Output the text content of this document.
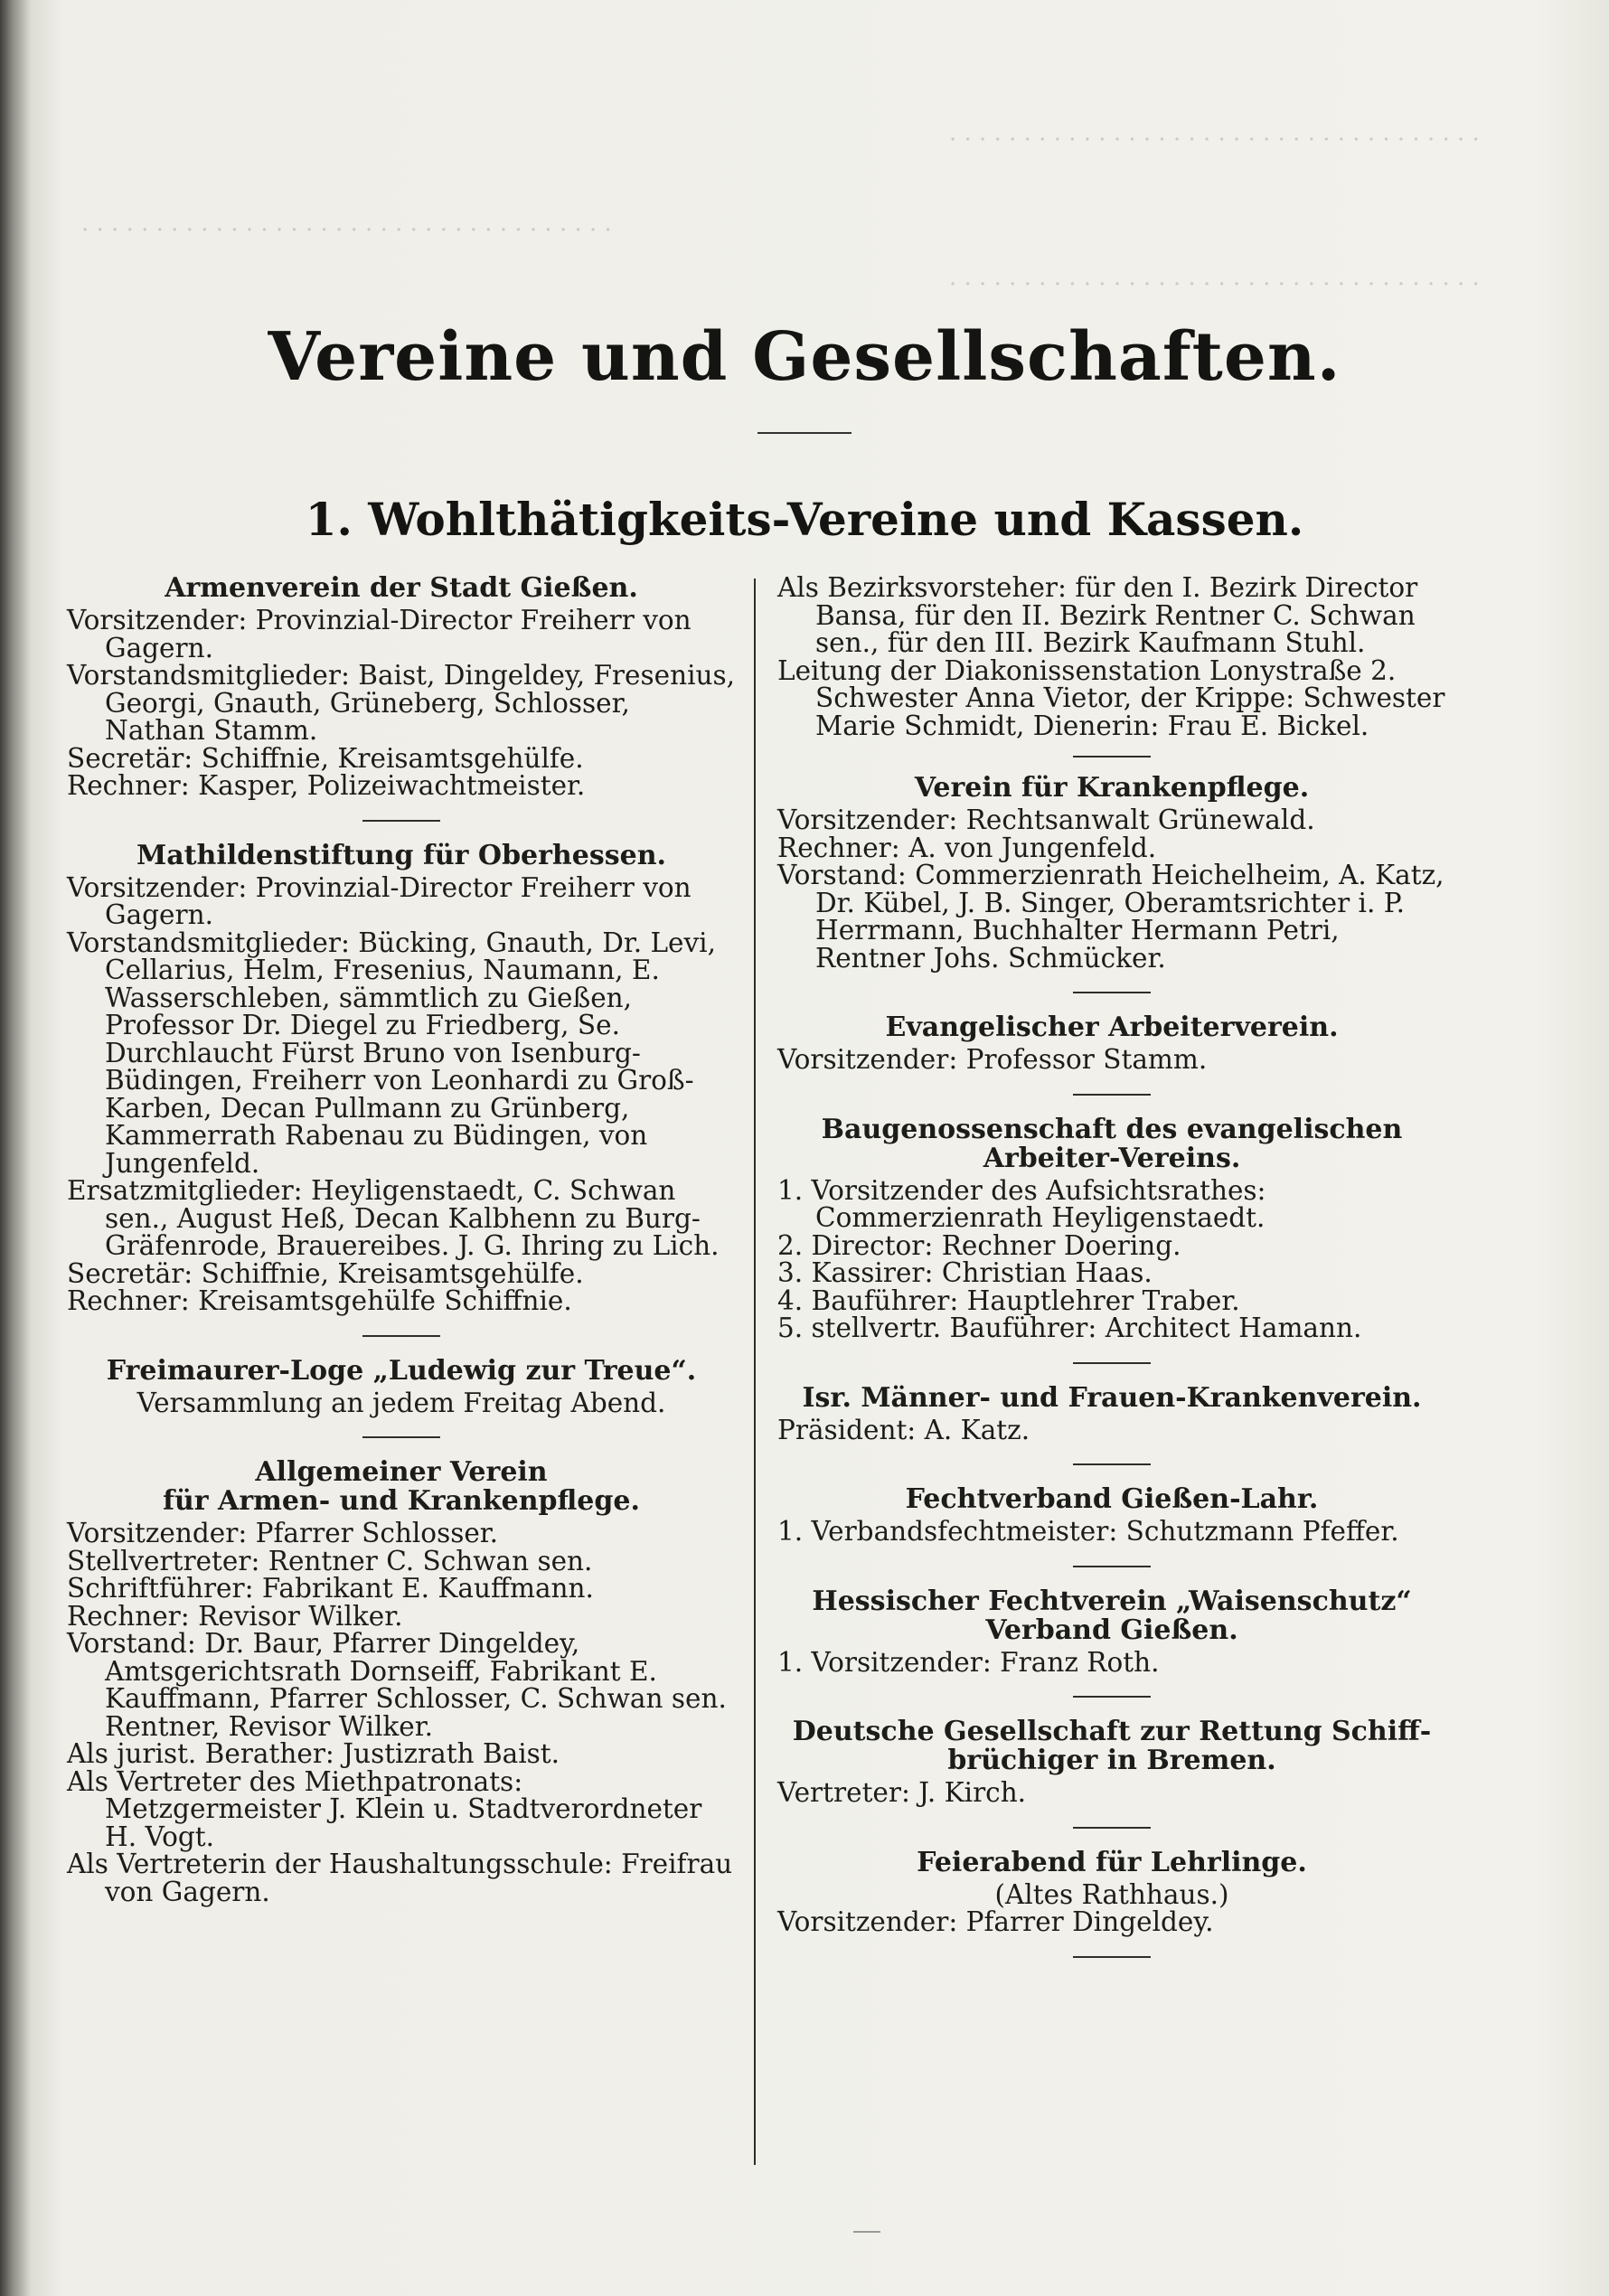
· · · · · · · · · · · · · · · · · · · · · · · · · · · · · · · · · · · ·
· · · · · · · · · · · · · · · · · · · · · · · · · · · · · · · · · · · ·
· · · · · · · · · · · · · · · · · · · · · · · · · · · · · · · · · · · ·
Vereine und Gesellschaften.
1. Wohlthätigkeits-Vereine und Kassen.
Armenverein der Stadt Gießen.

Vorsitzender: Provinzial-Director Freiherr von Gagern.

Vorstandsmitglieder: Baist, Dingeldey, Fresenius, Georgi, Gnauth, Grüneberg, Schlosser, Nathan Stamm.

Secretär: Schiffnie, Kreisamtsgehülfe.

Rechner: Kasper, Polizeiwachtmeister.

Mathildenstiftung für Oberhessen.

Vorsitzender: Provinzial-Director Freiherr von Gagern.

Vorstandsmitglieder: Bücking, Gnauth, Dr. Levi, Cellarius, Helm, Fresenius, Naumann, E. Wasserschleben, sämmtlich zu Gießen, Professor Dr. Diegel zu Friedberg, Se. Durchlaucht Fürst Bruno von Isenburg-Büdingen, Freiherr von Leonhardi zu Groß-Karben, Decan Pullmann zu Grünberg, Kammerrath Rabenau zu Büdingen, von Jungenfeld.

Ersatzmitglieder: Heyligenstaedt, C. Schwan sen., August Heß, Decan Kalbhenn zu Burg-Gräfenrode, Brauereibes. J. G. Ihring zu Lich.

Secretär: Schiffnie, Kreisamtsgehülfe.

Rechner: Kreisamtsgehülfe Schiffnie.

Freimaurer-Loge „Ludewig zur Treue“.

Versammlung an jedem Freitag Abend.

Allgemeiner Verein
für Armen- und Krankenpflege.

Vorsitzender: Pfarrer Schlosser.

Stellvertreter: Rentner C. Schwan sen.

Schriftführer: Fabrikant E. Kauffmann.

Rechner: Revisor Wilker.

Vorstand: Dr. Baur, Pfarrer Dingeldey, Amtsgerichtsrath Dornseiff, Fabrikant E. Kauffmann, Pfarrer Schlosser, C. Schwan sen. Rentner, Revisor Wilker.

Als jurist. Berather: Justizrath Baist.

Als Vertreter des Miethpatronats: Metzgermeister J. Klein u. Stadtverordneter H. Vogt.

Als Vertreterin der Haushaltungsschule: Freifrau von Gagern.

Als Bezirksvorsteher: für den I. Bezirk Director Bansa, für den II. Bezirk Rentner C. Schwan sen., für den III. Bezirk Kaufmann Stuhl.

Leitung der Diakonissenstation Lonystraße 2. Schwester Anna Vietor, der Krippe: Schwester Marie Schmidt, Dienerin: Frau E. Bickel.

Verein für Krankenpflege.

Vorsitzender: Rechtsanwalt Grünewald.

Rechner: A. von Jungenfeld.

Vorstand: Commerzienrath Heichelheim, A. Katz, Dr. Kübel, J. B. Singer, Oberamtsrichter i. P. Herrmann, Buchhalter Hermann Petri, Rentner Johs. Schmücker.

Evangelischer Arbeiterverein.

Vorsitzender: Professor Stamm.

Baugenossenschaft des evangelischen
Arbeiter-Vereins.

1. Vorsitzender des Aufsichtsrathes: Commerzienrath Heyligenstaedt.

2. Director: Rechner Doering.

3. Kassirer: Christian Haas.

4. Bauführer: Hauptlehrer Traber.

5. stellvertr. Bauführer: Architect Hamann.

Isr. Männer- und Frauen-Krankenverein.

Präsident: A. Katz.

Fechtverband Gießen-Lahr.

1. Verbandsfechtmeister: Schutzmann Pfeffer.

Hessischer Fechtverein „Waisenschutz“
Verband Gießen.

1. Vorsitzender: Franz Roth.

Deutsche Gesellschaft zur Rettung Schiff-
brüchiger in Bremen.

Vertreter: J. Kirch.

Feierabend für Lehrlinge.

(Altes Rathhaus.)

Vorsitzender: Pfarrer Dingeldey.
